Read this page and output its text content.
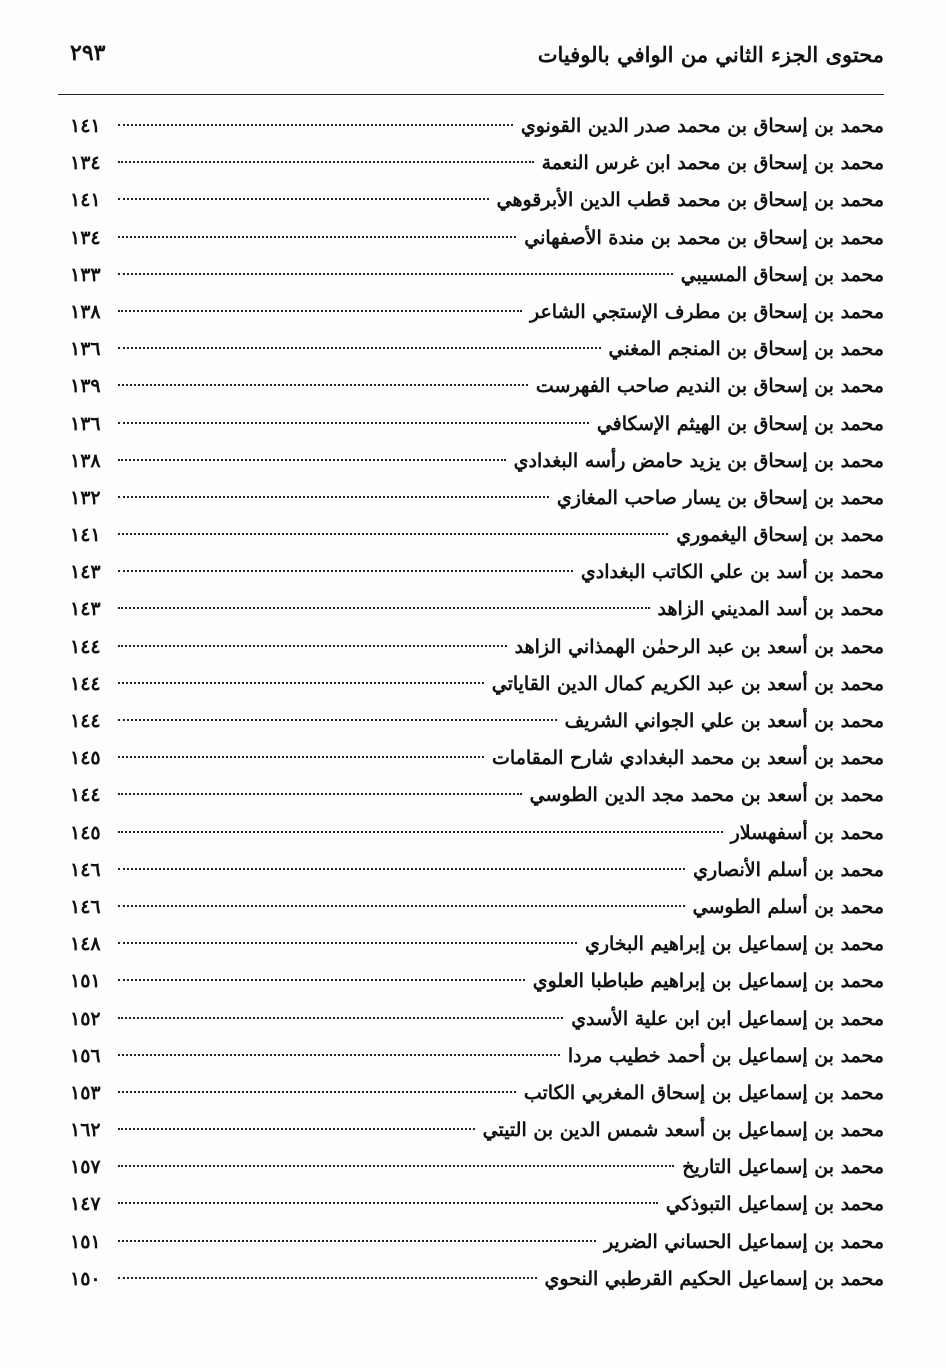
محتوى الجزء الثاني من الوافي بالوفيات
٢٩٣
محمد بن إسحاق بن محمد صدر الدين القونوي
١٤١
محمد بن إسحاق بن محمد ابن غرس النعمة
١٣٤
محمد بن إسحاق بن محمد قطب الدين الأبرقوهي
١٤١
محمد بن إسحاق بن محمد بن مندة الأصفهاني
١٣٤
محمد بن إسحاق المسيبي
١٣٣
محمد بن إسحاق بن مطرف الإستجي الشاعر
١٣٨
محمد بن إسحاق بن المنجم المغني
١٣٦
محمد بن إسحاق بن النديم صاحب الفهرست
١٣٩
محمد بن إسحاق بن الهيثم الإسكافي
١٣٦
محمد بن إسحاق بن يزيد حامض رأسه البغدادي
١٣٨
محمد بن إسحاق بن يسار صاحب المغازي
١٣٢
محمد بن إسحاق اليغموري
١٤١
محمد بن أسد بن علي الكاتب البغدادي
١٤٣
محمد بن أسد المديني الزاهد
١٤٣
محمد بن أسعد بن عبد الرحمٰن الهمذاني الزاهد
١٤٤
محمد بن أسعد بن عبد الكريم كمال الدين القاياتي
١٤٤
محمد بن أسعد بن علي الجواني الشريف
١٤٤
محمد بن أسعد بن محمد البغدادي شارح المقامات
١٤٥
محمد بن أسعد بن محمد مجد الدين الطوسي
١٤٤
محمد بن أسفهسلار
١٤٥
محمد بن أسلم الأنصاري
١٤٦
محمد بن أسلم الطوسي
١٤٦
محمد بن إسماعيل بن إبراهيم البخاري
١٤٨
محمد بن إسماعيل بن إبراهيم طباطبا العلوي
١٥١
محمد بن إسماعيل ابن ابن علية الأسدي
١٥٢
محمد بن إسماعيل بن أحمد خطيب مردا
١٥٦
محمد بن إسماعيل بن إسحاق المغربي الكاتب
١٥٣
محمد بن إسماعيل بن أسعد شمس الدين بن التيتي
١٦٢
محمد بن إسماعيل التاريخ
١٥٧
محمد بن إسماعيل التبوذكي
١٤٧
محمد بن إسماعيل الحساني الضرير
١٥١
محمد بن إسماعيل الحكيم القرطبي النحوي
١٥٠
